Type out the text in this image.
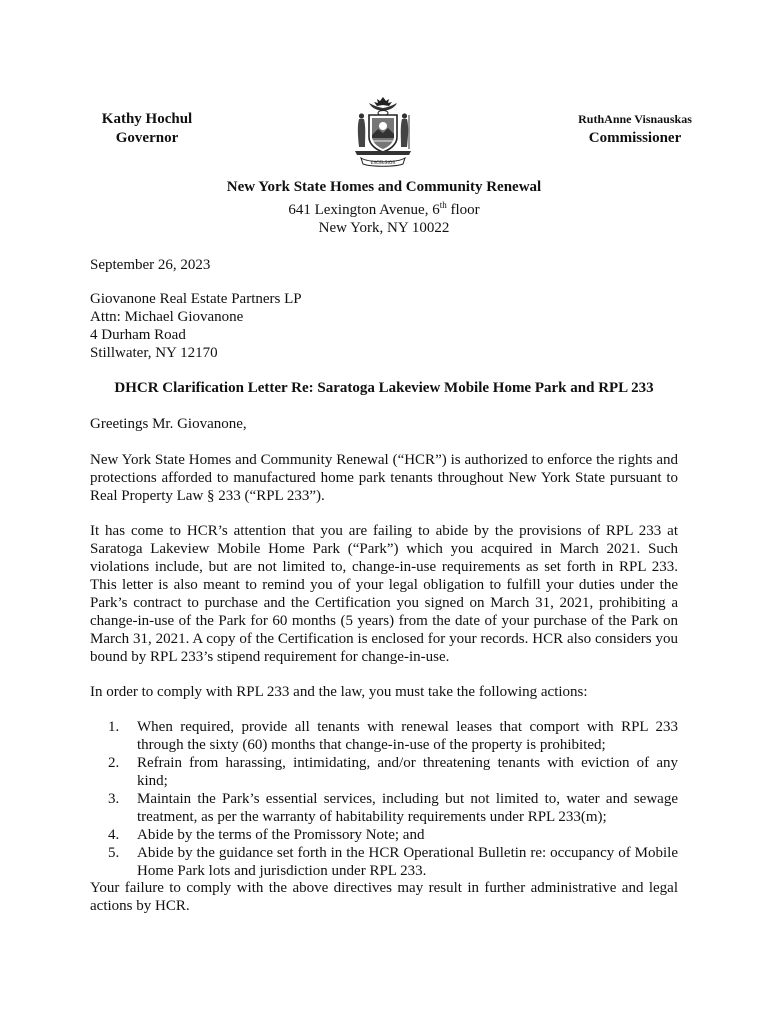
Kathy Hochul
Governor
EXCELSIOR
RuthAnne Visnauskas
Commissioner
New York State Homes and Community Renewal
641 Lexington Avenue, 6th floor
New York, NY 10022
September 26, 2023
Giovanone Real Estate Partners LP
Attn: Michael Giovanone
4 Durham Road
Stillwater, NY 12170
DHCR Clarification Letter Re: Saratoga Lakeview Mobile Home Park and RPL 233
Greetings Mr. Giovanone,
New York State Homes and Community Renewal (“HCR”) is authorized to enforce the rights and protections afforded to manufactured home park tenants throughout New York State pursuant to Real Property Law § 233 (“RPL 233”).
It has come to HCR’s attention that you are failing to abide by the provisions of RPL 233 at Saratoga Lakeview Mobile Home Park (“Park”) which you acquired in March 2021. Such violations include, but are not limited to, change-in-use requirements as set forth in RPL 233. This letter is also meant to remind you of your legal obligation to fulfill your duties under the Park’s contract to purchase and the Certification you signed on March 31, 2021, prohibiting a change-in-use of the Park for 60 months (5 years) from the date of your purchase of the Park on March 31, 2021. A copy of the Certification is enclosed for your records. HCR also considers you bound by RPL 233’s stipend requirement for change-in-use.
In order to comply with RPL 233 and the law, you must take the following actions:
1. When required, provide all tenants with renewal leases that comport with RPL 233 through the sixty (60) months that change-in-use of the property is prohibited;
2. Refrain from harassing, intimidating, and/or threatening tenants with eviction of any kind;
3. Maintain the Park’s essential services, including but not limited to, water and sewage treatment, as per the warranty of habitability requirements under RPL 233(m);
4. Abide by the terms of the Promissory Note; and
5. Abide by the guidance set forth in the HCR Operational Bulletin re: occupancy of Mobile Home Park lots and jurisdiction under RPL 233.
Your failure to comply with the above directives may result in further administrative and legal actions by HCR.
